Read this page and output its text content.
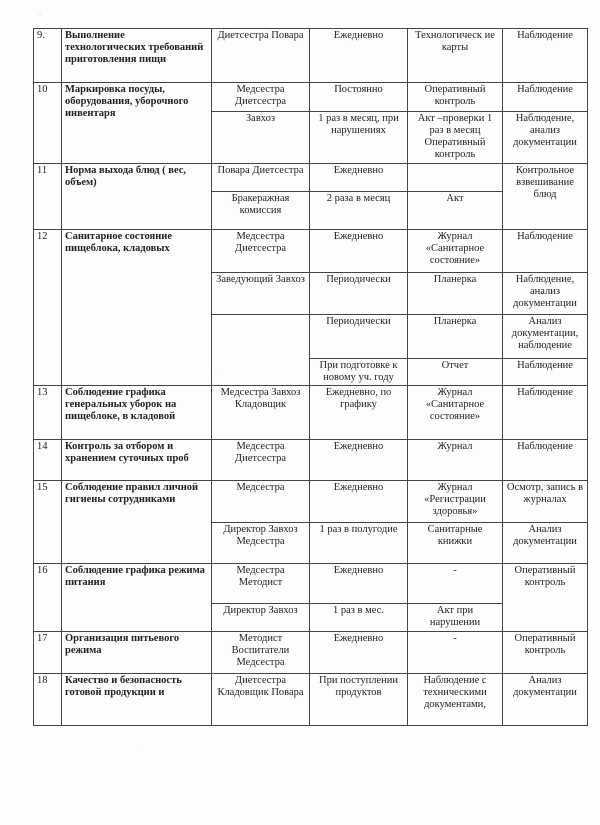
' '
9.	Выполнение технологических требований приготовления пищи	Диетсестра Повара	Ежедневно	Технологическ ие карты	Наблюдение
10	Маркировка посуды, оборудования, уборочного инвентаря	Медсестра Диетсестра	Постоянно	Оперативный контроль	Наблюдение
		Завхоз	1 раз в месяц, при нарушениях	Акт –проверки 1 раз в месяц Оперативный контроль	Наблюдение, анализ документации
11	Норма выхода блюд ( вес, объем)	Повара Диетсестра	Ежедневно		Контрольное взвешивание блюд
		Бракеражная комиссия	2 раза в месяц	Акт	
12	Санитарное состояние пищеблока, кладовых	Медсестра Диетсестра	Ежедневно	Журнал «Санитарное состояние»	Наблюдение
		Заведующий Завхоз	Периодически	Планерка	Наблюдение, анализ документации
			Периодически	Планерка	Анализ документации, наблюдение
			При подготовке к новому уч. году	Отчет	Наблюдение
13	Соблюдение графика генеральных уборок на пищеблоке, в кладовой	Медсестра Завхоз Кладовщик	Ежедневно, по графику	Журнал «Санитарное состояние»	Наблюдение
14	Контроль за отбором и хранением суточных проб	Медсестра Диетсестра	Ежедневно	Журнал	Наблюдение
15	Соблюдение правил личной гигиены сотрудниками	Медсестра	Ежедневно	Журнал «Регистрации здоровья»	Осмотр, запись в журналах
		Директор Завхоз Медсестра	1 раз в полугодие	Санитарные книжки	Анализ документации
16	Соблюдение графика режима питания	Медсестра Методист	Ежедневно	-	Оперативный контроль
		Директор Завхоз	1 раз в мес.	Акт при нарушении	
17	Организация питьевого режима	Методист Воспитатели Медсестра	Ежедневно	-	Оперативный контроль
18	Качество и безопасность готовой продукции и	Диетсестра Кладовщик Повара	При поступлении продуктов	Наблюдение с техническими документами,	Анализ документации
·
·
